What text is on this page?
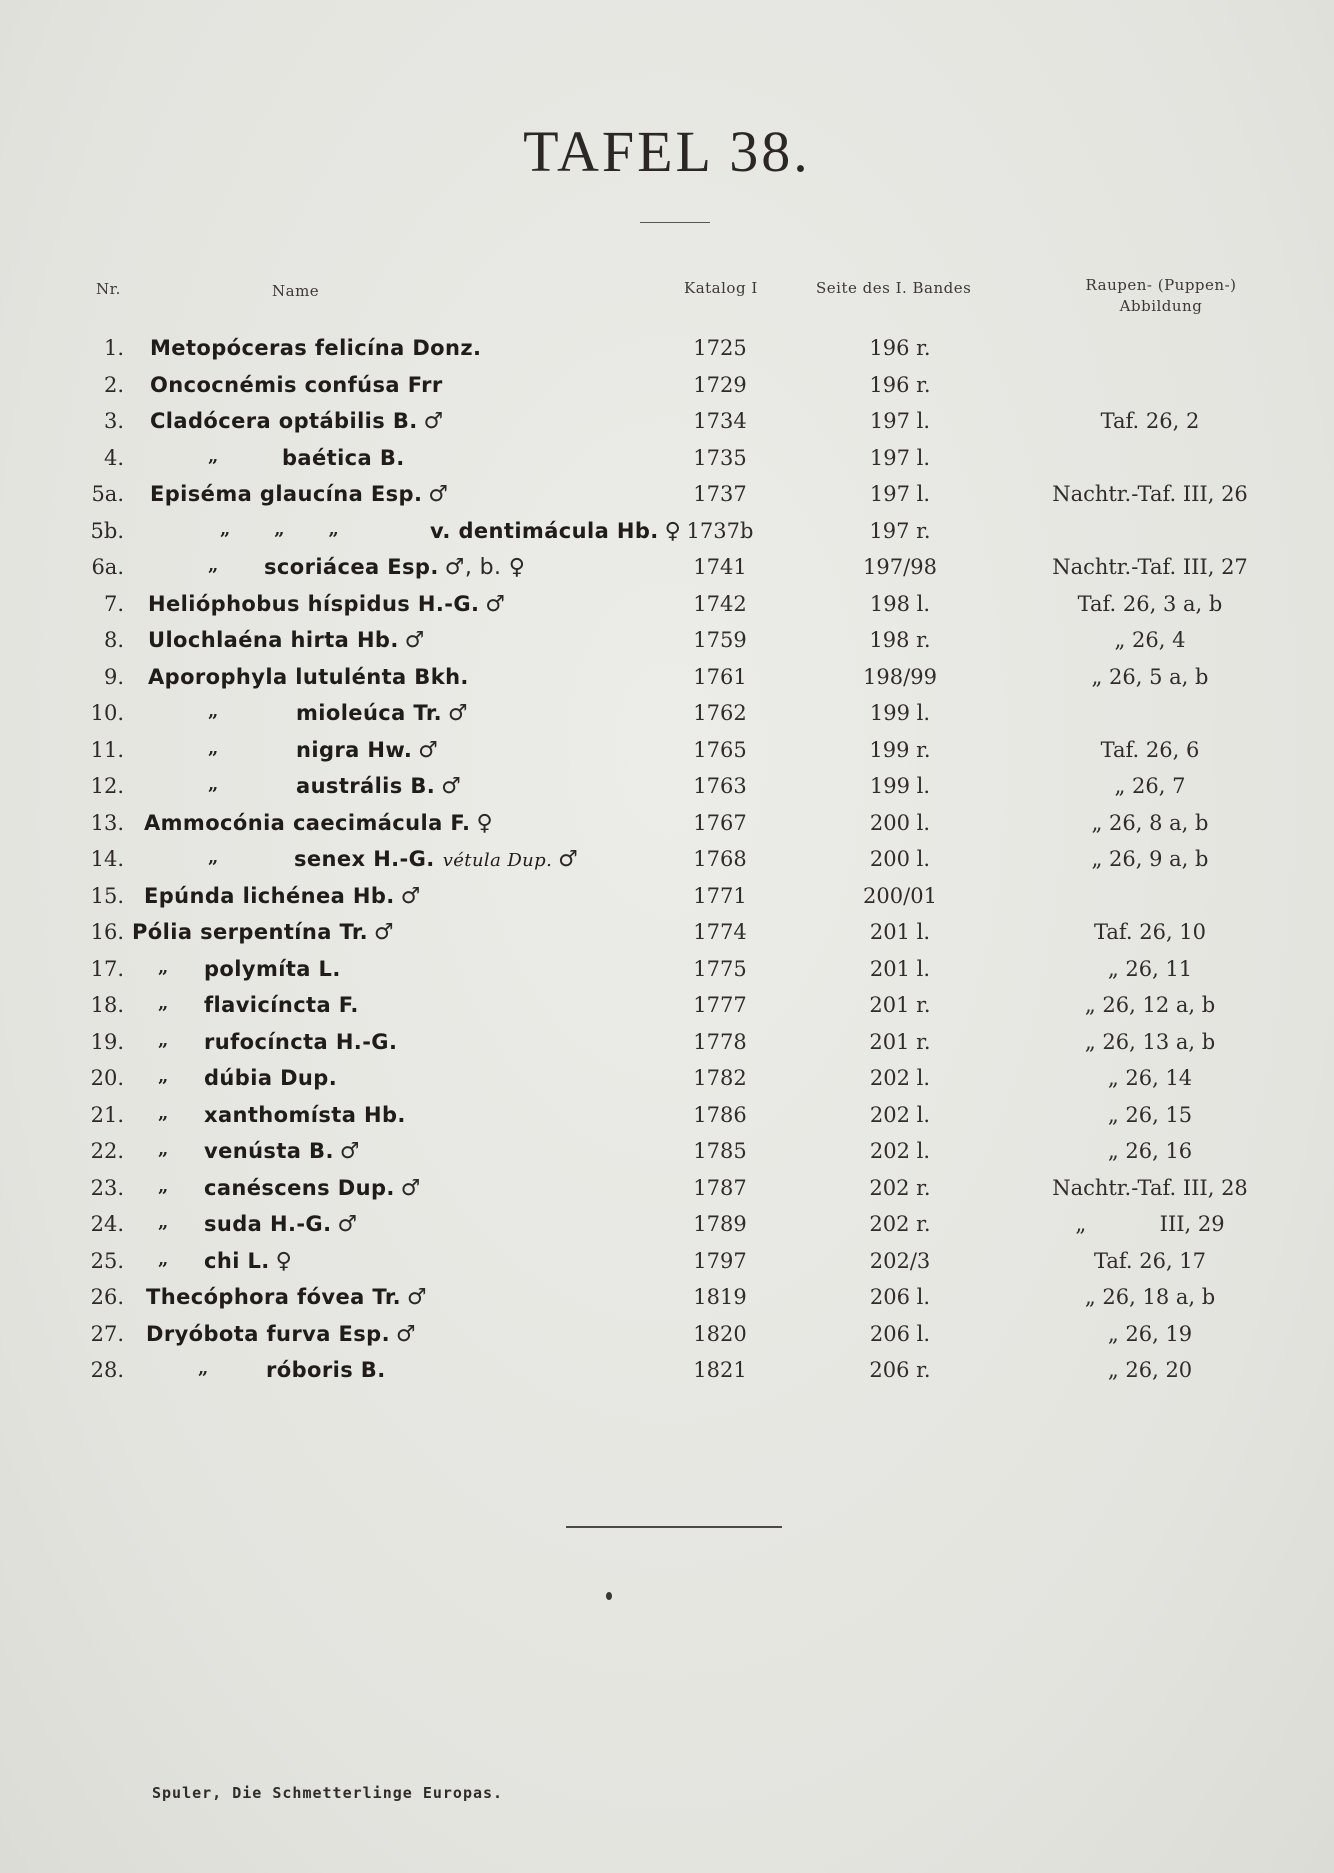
TAFEL 38.
Nr.	Name	Katalog I	Seite des I. Bandes	Raupen- (Puppen-)
Abbildung
1. Metopóceras felicína Donz.	1725	196 r.
2. Oncocnémis confúsa Frr	1729	196 r.
3. Cladócera optábilis B. ♂	1734	197 l.	Taf. 26, 2
4.	„	baética B.	1735	197 l.
5a. Episéma glaucína Esp. ♂	1737	197 l.	Nachtr.-Taf. III, 26
5b.	„       „       „	v. dentimácula Hb. ♀ 1737b	197 r.
6a.	„ scoriácea Esp. ♂, b. ♀	1741	197/98	Nachtr.-Taf. III, 27
7. Helióphobus híspidus H.-G. ♂	1742	198 l.	Taf. 26, 3 a, b
8. Ulochlaéna hirta Hb. ♂	1759	198 r.	„ 26, 4
9. Aporophyla lutulénta Bkh.	1761	198/99	„ 26, 5 a, b
10.	„	mioleúca Tr. ♂	1762	199 l.
11.	„	nigra Hw. ♂	1765	199 r.	Taf. 26, 6
12.	„	austrális B. ♂	1763	199 l.	„ 26, 7
13. Ammocónia caecimácula F. ♀	1767	200 l.	„ 26, 8 a, b
14.	„	senex H.-G. vétula Dup. ♂	1768	200 l.	„ 26, 9 a, b
15. Epúnda lichénea Hb. ♂	1771	200/01
16. Pólia serpentína Tr. ♂	1774	201 l.	Taf. 26, 10
17. „ polymíta L.	1775	201 l.	„ 26, 11
18. „ flavicíncta F.	1777	201 r.	„ 26, 12 a, b
19. „ rufocíncta H.-G.	1778	201 r.	„ 26, 13 a, b
20. „ dúbia Dup.	1782	202 l.	„ 26, 14
21. „ xanthomísta Hb.	1786	202 l.	„ 26, 15
22. „ venústa B. ♂	1785	202 l.	„ 26, 16
23. „ canéscens Dup. ♂	1787	202 r.	Nachtr.-Taf. III, 28
24. „ suda H.-G. ♂	1789	202 r.	„           III, 29
25. „ chi L. ♀	1797	202/3	Taf. 26, 17
26. Thecóphora fóvea Tr. ♂	1819	206 l.	„ 26, 18 a, b
27. Dryóbota furva Esp. ♂	1820	206 l.	„ 26, 19
28.	„	róboris B.	1821	206 r.	„ 26, 20
Spuler, Die Schmetterlinge Europas.
